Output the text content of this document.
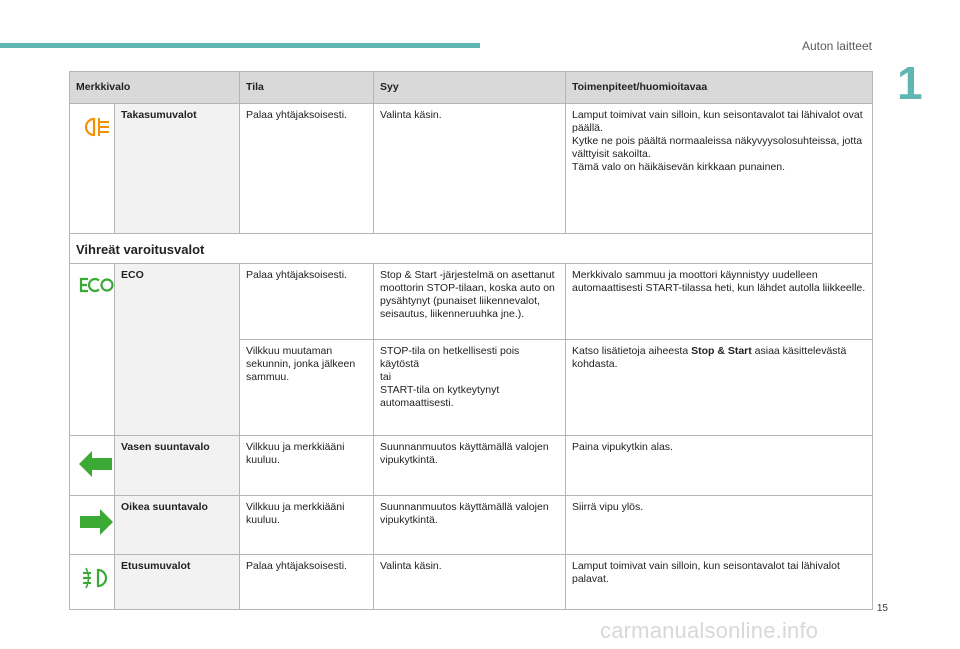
Auton laitteet
1
Merkkivalo		Tila	Syy	Toimenpiteet/huomioitavaa

	Takasumuvalot	Palaa yhtäjaksoisesti.	Valinta käsin.	Lamput toimivat vain silloin, kun seisontavalot tai lähivalot ovat päällä.
Kytke ne pois päältä normaaleissa näkyvyysolosuhteissa, jotta välttyisit sakoilta.
Tämä valo on häikäisevän kirkkaan punainen.

Vihreät varoitusvalot				

	ECO	Palaa yhtäjaksoisesti.	Stop & Start -järjestelmä on asettanut moottorin STOP-tilaan, koska auto on pysähtynyt (punaiset liikennevalot, seisautus, liikenneruuhka jne.).	Merkkivalo sammuu ja moottori käynnistyy uudelleen automaattisesti START-tilassa heti, kun lähdet autolla liikkeelle.
		Vilkkuu muutaman sekunnin, jonka jälkeen sammuu.	STOP-tila on hetkellisesti pois käytöstä
tai
START-tila on kytkeytynyt automaattisesti.	Katso lisätietoja aiheesta Stop & Start asiaa käsittelevästä kohdasta.

	Vasen suuntavalo	Vilkkuu ja merkkiääni kuuluu.	Suunnanmuutos käyttämällä valojen vipukytkintä.	Paina vipukytkin alas.

	Oikea suuntavalo	Vilkkuu ja merkkiääni kuuluu.	Suunnanmuutos käyttämällä valojen vipukytkintä.	Siirrä vipu ylös.

	Etusumuvalot	Palaa yhtäjaksoisesti.	Valinta käsin.	Lamput toimivat vain silloin, kun seisontavalot tai lähivalot palavat.
15
carmanualsonline.info
